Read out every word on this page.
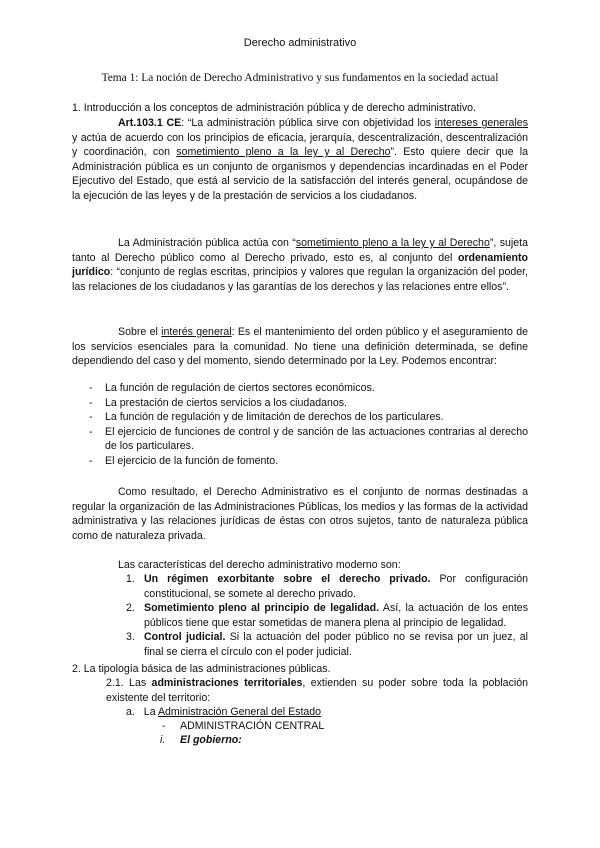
Derecho administrativo
Tema 1: La noción de Derecho Administrativo y sus fundamentos en la sociedad actual
1. Introducción a los conceptos de administración pública y de derecho administrativo.
Art.103.1 CE: “La administración pública sirve con objetividad los intereses generales y actúa de acuerdo con los principios de eficacia, jerarquía, descentralización, descentralización y coordinación, con sometimiento pleno a la ley y al Derecho”. Esto quiere decir que la Administración pública es un conjunto de organismos y dependencias incardinadas en el Poder Ejecutivo del Estado, que está al servicio de la satisfacción del interés general, ocupándose de la ejecución de las leyes y de la prestación de servicios a los ciudadanos.
La Administración pública actúa con “sometimiento pleno a la ley y al Derecho”, sujeta tanto al Derecho público como al Derecho privado, esto es, al conjunto del ordenamiento jurídico: “conjunto de reglas escritas, principios y valores que regulan la organización del poder, las relaciones de los ciudadanos y las garantías de los derechos y las relaciones entre ellos”.
Sobre el interés general: Es el mantenimiento del orden público y el aseguramiento de los servicios esenciales para la comunidad. No tiene una definición determinada, se define dependiendo del caso y del momento, siendo determinado por la Ley. Podemos encontrar:
- La función de regulación de ciertos sectores económicos.
- La prestación de ciertos servicios a los ciudadanos.
- La función de regulación y de limitación de derechos de los particulares.
- El ejercicio de funciones de control y de sanción de las actuaciones contrarias al derecho de los particulares.
- El ejercicio de la función de fomento.
Como resultado, el Derecho Administrativo es el conjunto de normas destinadas a regular la organización de las Administraciones Públicas, los medios y las formas de la actividad administrativa y las relaciones jurídicas de éstas con otros sujetos, tanto de naturaleza pública como de naturaleza privada.
Las características del derecho administrativo moderno son:
1. Un régimen exorbitante sobre el derecho privado. Por configuración constitucional, se somete al derecho privado.
2. Sometimiento pleno al principio de legalidad. Así, la actuación de los entes públicos tiene que estar sometidas de manera plena al principio de legalidad.
3. Control judicial. Si la actuación del poder público no se revisa por un juez, al final se cierra el círculo con el poder judicial.
2. La tipología básica de las administraciones públicas.
2.1. Las administraciones territoriales, extienden su poder sobre toda la población existente del territorio:
a. La Administración General del Estado
- ADMINISTRACIÓN CENTRAL
i. El gobierno:
